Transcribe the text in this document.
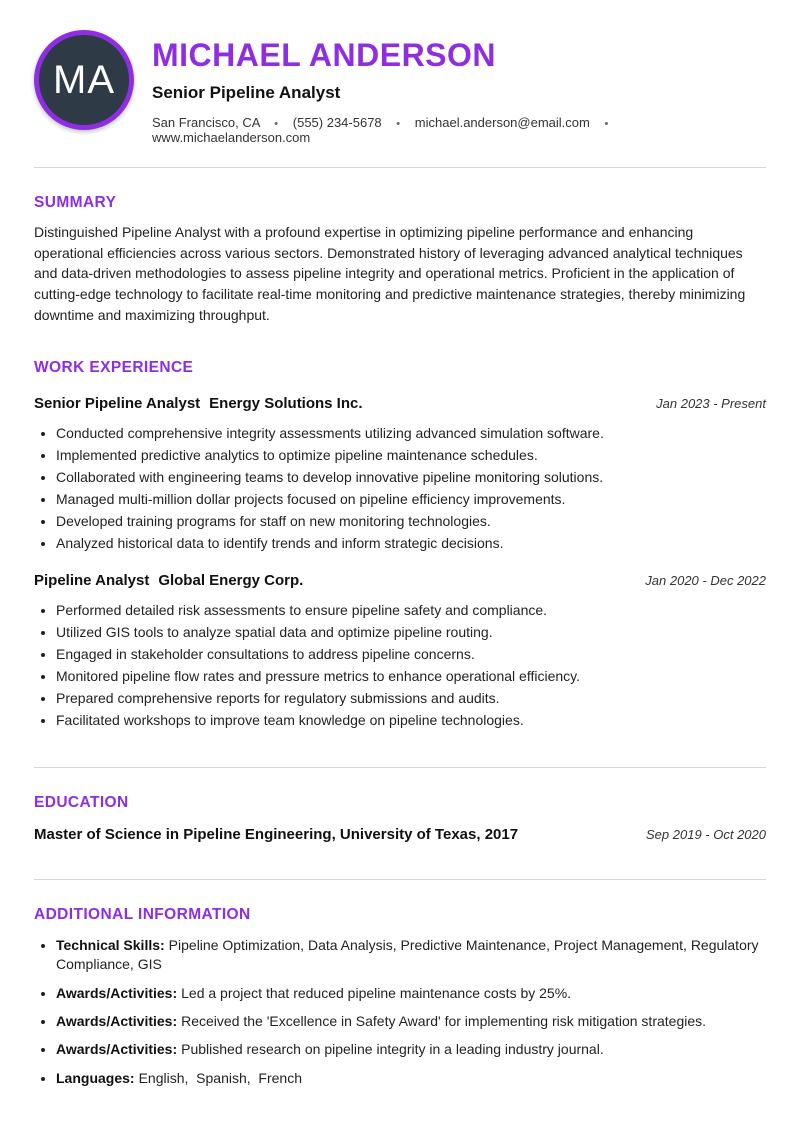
MA
MICHAEL ANDERSON
Senior Pipeline Analyst
San Francisco, CA •	(555) 234-5678 •	michael.anderson@email.com • www.michaelanderson.com
SUMMARY

Distinguished Pipeline Analyst with a profound expertise in optimizing pipeline performance and enhancing operational efficiencies across various sectors. Demonstrated history of leveraging advanced analytical techniques and data-driven methodologies to assess pipeline integrity and operational metrics. Proficient in the application of cutting-edge technology to facilitate real-time monitoring and predictive maintenance strategies, thereby minimizing downtime and maximizing throughput.

WORK EXPERIENCE
Senior Pipeline Analyst Energy Solutions Inc.	Jan 2023 - Present
• Conducted comprehensive integrity assessments utilizing advanced simulation software.
• Implemented predictive analytics to optimize pipeline maintenance schedules.
• Collaborated with engineering teams to develop innovative pipeline monitoring solutions.
• Managed multi-million dollar projects focused on pipeline efficiency improvements.
• Developed training programs for staff on new monitoring technologies.
• Analyzed historical data to identify trends and inform strategic decisions.
Pipeline Analyst Global Energy Corp.	Jan 2020 - Dec 2022
• Performed detailed risk assessments to ensure pipeline safety and compliance.
• Utilized GIS tools to analyze spatial data and optimize pipeline routing.
• Engaged in stakeholder consultations to address pipeline concerns.
• Monitored pipeline flow rates and pressure metrics to enhance operational efficiency.
• Prepared comprehensive reports for regulatory submissions and audits.
• Facilitated workshops to improve team knowledge on pipeline technologies.
EDUCATION
Master of Science in Pipeline Engineering, University of Texas, 2017	Sep 2019 - Oct 2020
ADDITIONAL INFORMATION
• Technical Skills: Pipeline Optimization, Data Analysis, Predictive Maintenance, Project Management, Regulatory Compliance, GIS
• Awards/Activities: Led a project that reduced pipeline maintenance costs by 25%.
• Awards/Activities: Received the 'Excellence in Safety Award' for implementing risk mitigation strategies.
• Awards/Activities: Published research on pipeline integrity in a leading industry journal.
• Languages: English,  Spanish,  French
